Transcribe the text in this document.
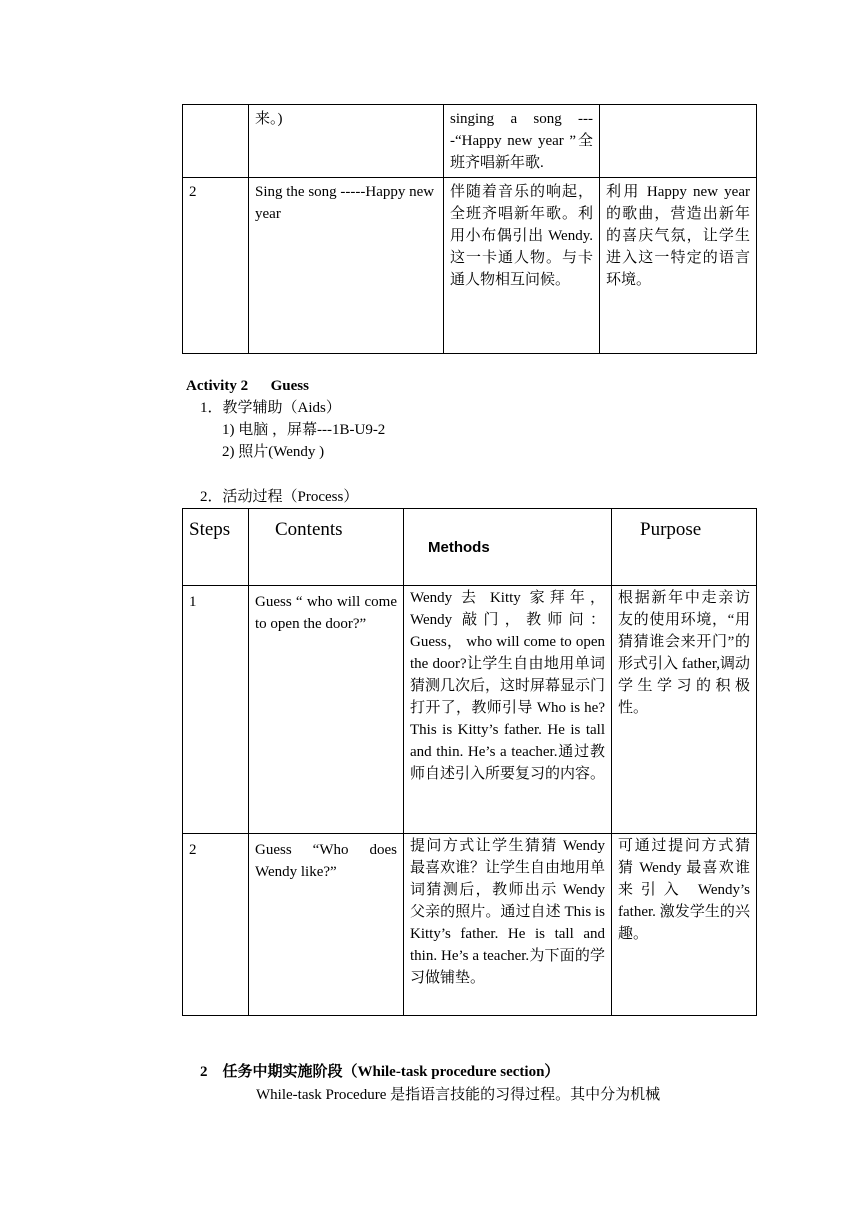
	来。)	singing a song ----“Happy new year ”全班齐唱新年歌.	
2	Sing the song -----Happy new year	伴随着音乐的响起，全班齐唱新年歌。利用小布偶引出 Wendy.这一卡通人物。与卡通人物相互问候。	利用 Happy new year的歌曲，营造出新年的喜庆气氛，让学生进入这一特定的语言环境。
Activity 2      Guess
1．教学辅助（Aids）
1) 电脑 ，屏幕---1B-U9-2
2) 照片(Wendy )
2．活动过程（Process）
Steps	Contents	Methods	Purpose
1	Guess “ who will come to open the door?”	Wendy 去 Kitty 家拜年，Wendy 敲门，教师问：Guess， who will come to open the door?让学生自由地用单词猜测几次后，这时屏幕显示门打开了，教师引导 Who is he? This is Kitty’s father. He is tall and thin. He’s a teacher.通过教师自述引入所要复习的内容。	根据新年中走亲访友的使用环境，“用猜猜谁会来开门”的形式引入 father,调动学生学习的积极性。
2	Guess “Who does Wendy like?”	提问方式让学生猜猜 Wendy 最喜欢谁？让学生自由地用单词猜测后，教师出示 Wendy 父亲的照片。通过自述 This is Kitty’s father. He is tall and thin. He’s a teacher.为下面的学习做铺垫。	可通过提问方式猜猜 Wendy 最喜欢谁来引入 Wendy’s father. 激发学生的兴趣。
2    任务中期实施阶段（While-task procedure section）
While-task Procedure 是指语言技能的习得过程。其中分为机械
